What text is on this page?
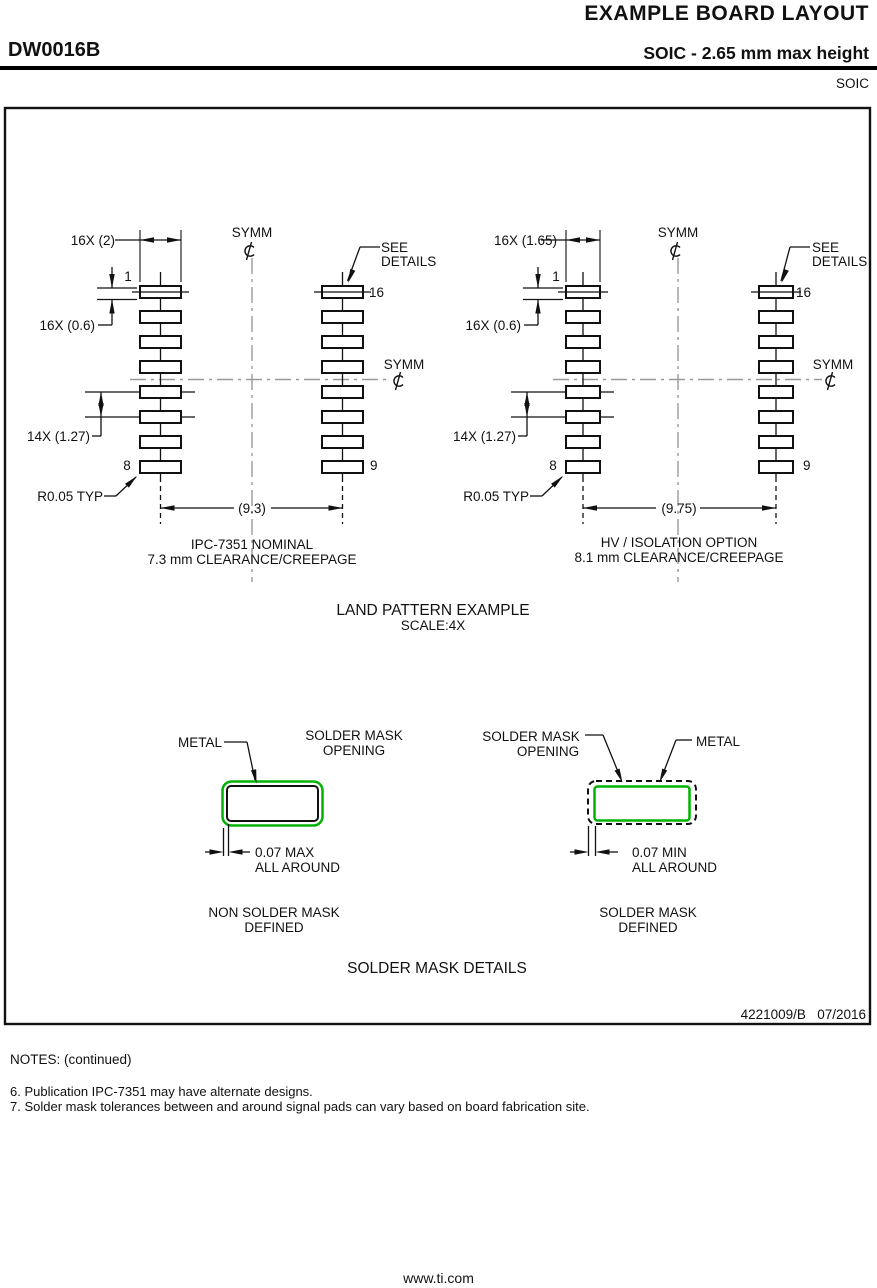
EXAMPLE BOARD LAYOUT
DW0016B	SOIC - 2.65 mm max height
SOIC
16X (2)
SYMM
SEE
DETAILS
1
16
16X (0.6)
14X (1.27)
8	9
R0.05 TYP
(9.3)
SYMM
IPC-7351 NOMINAL
7.3 mm CLEARANCE/CREEPAGE
16X (1.65)
SYMM
SEE
DETAILS
1
16
16X (0.6)
14X (1.27)
8	9
R0.05 TYP
(9.75)
SYMM
HV / ISOLATION OPTION
8.1 mm CLEARANCE/CREEPAGE
LAND PATTERN EXAMPLE
SCALE:4X
METAL	SOLDER MASK
OPENING
0.07 MAX
ALL AROUND
NON SOLDER MASK
DEFINED
SOLDER MASK
OPENING
METAL
0.07 MIN
ALL AROUND
SOLDER MASK
DEFINED
SOLDER MASK DETAILS
4221009/B   07/2016
NOTES: (continued)
6. Publication IPC-7351 may have alternate designs.
7. Solder mask tolerances between and around signal pads can vary based on board fabrication site.
www.ti.com
